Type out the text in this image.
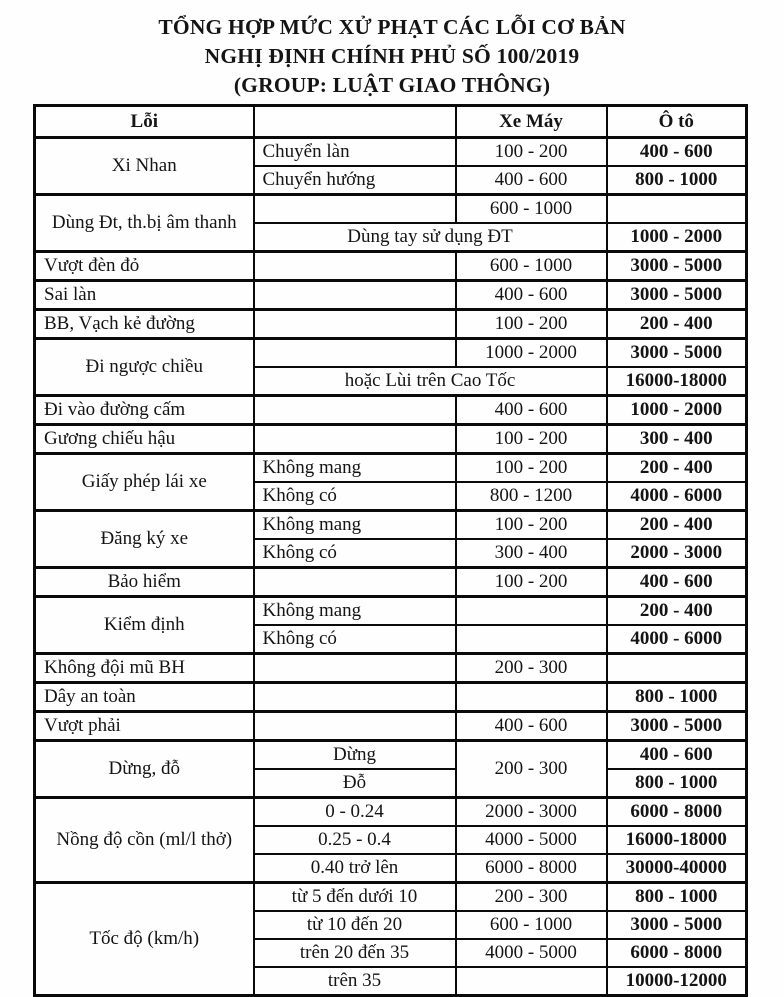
TỔNG HỢP MỨC XỬ PHẠT CÁC LỖI CƠ BẢN
NGHỊ ĐỊNH CHÍNH PHỦ SỐ 100/2019
(GROUP: LUẬT GIAO THÔNG)
Lỗi		Xe Máy	Ô tô
Xi Nhan	Chuyển làn	100 - 200	400 - 600
	Chuyển hướng	400 - 600	800 - 1000
Dùng Đt, th.bị âm thanh		600 - 1000	
	Dùng tay sử dụng ĐT		1000 - 2000
Vượt đèn đỏ		600 - 1000	3000 - 5000
Sai làn		400 - 600	3000 - 5000
BB, Vạch kẻ đường		100 - 200	200 - 400
Đi ngược chiều		1000 - 2000	3000 - 5000
	hoặc Lùi trên Cao Tốc		16000-18000
Đi vào đường cấm		400 - 600	1000 - 2000
Gương chiếu hậu		100 - 200	300 - 400
Giấy phép lái xe	Không mang	100 - 200	200 - 400
	Không có	800 - 1200	4000 - 6000
Đăng ký xe	Không mang	100 - 200	200 - 400
	Không có	300 - 400	2000 - 3000
Bảo hiểm		100 - 200	400 - 600
Kiểm định	Không mang		200 - 400
	Không có		4000 - 6000
Không đội mũ BH		200 - 300	
Dây an toàn			800 - 1000
Vượt phải		400 - 600	3000 - 5000
Dừng, đỗ	Dừng	200 - 300	400 - 600
	Đỗ		800 - 1000
Nồng độ cồn (ml/l thở)	0 - 0.24	2000 - 3000	6000 - 8000
	0.25 - 0.4	4000 - 5000	16000-18000
	0.40 trở lên	6000 - 8000	30000-40000
Tốc độ (km/h)	từ 5 đến dưới 10	200 - 300	800 - 1000
	từ 10 đến 20	600 - 1000	3000 - 5000
	trên 20 đến 35	4000 - 5000	6000 - 8000
	trên 35		10000-12000
